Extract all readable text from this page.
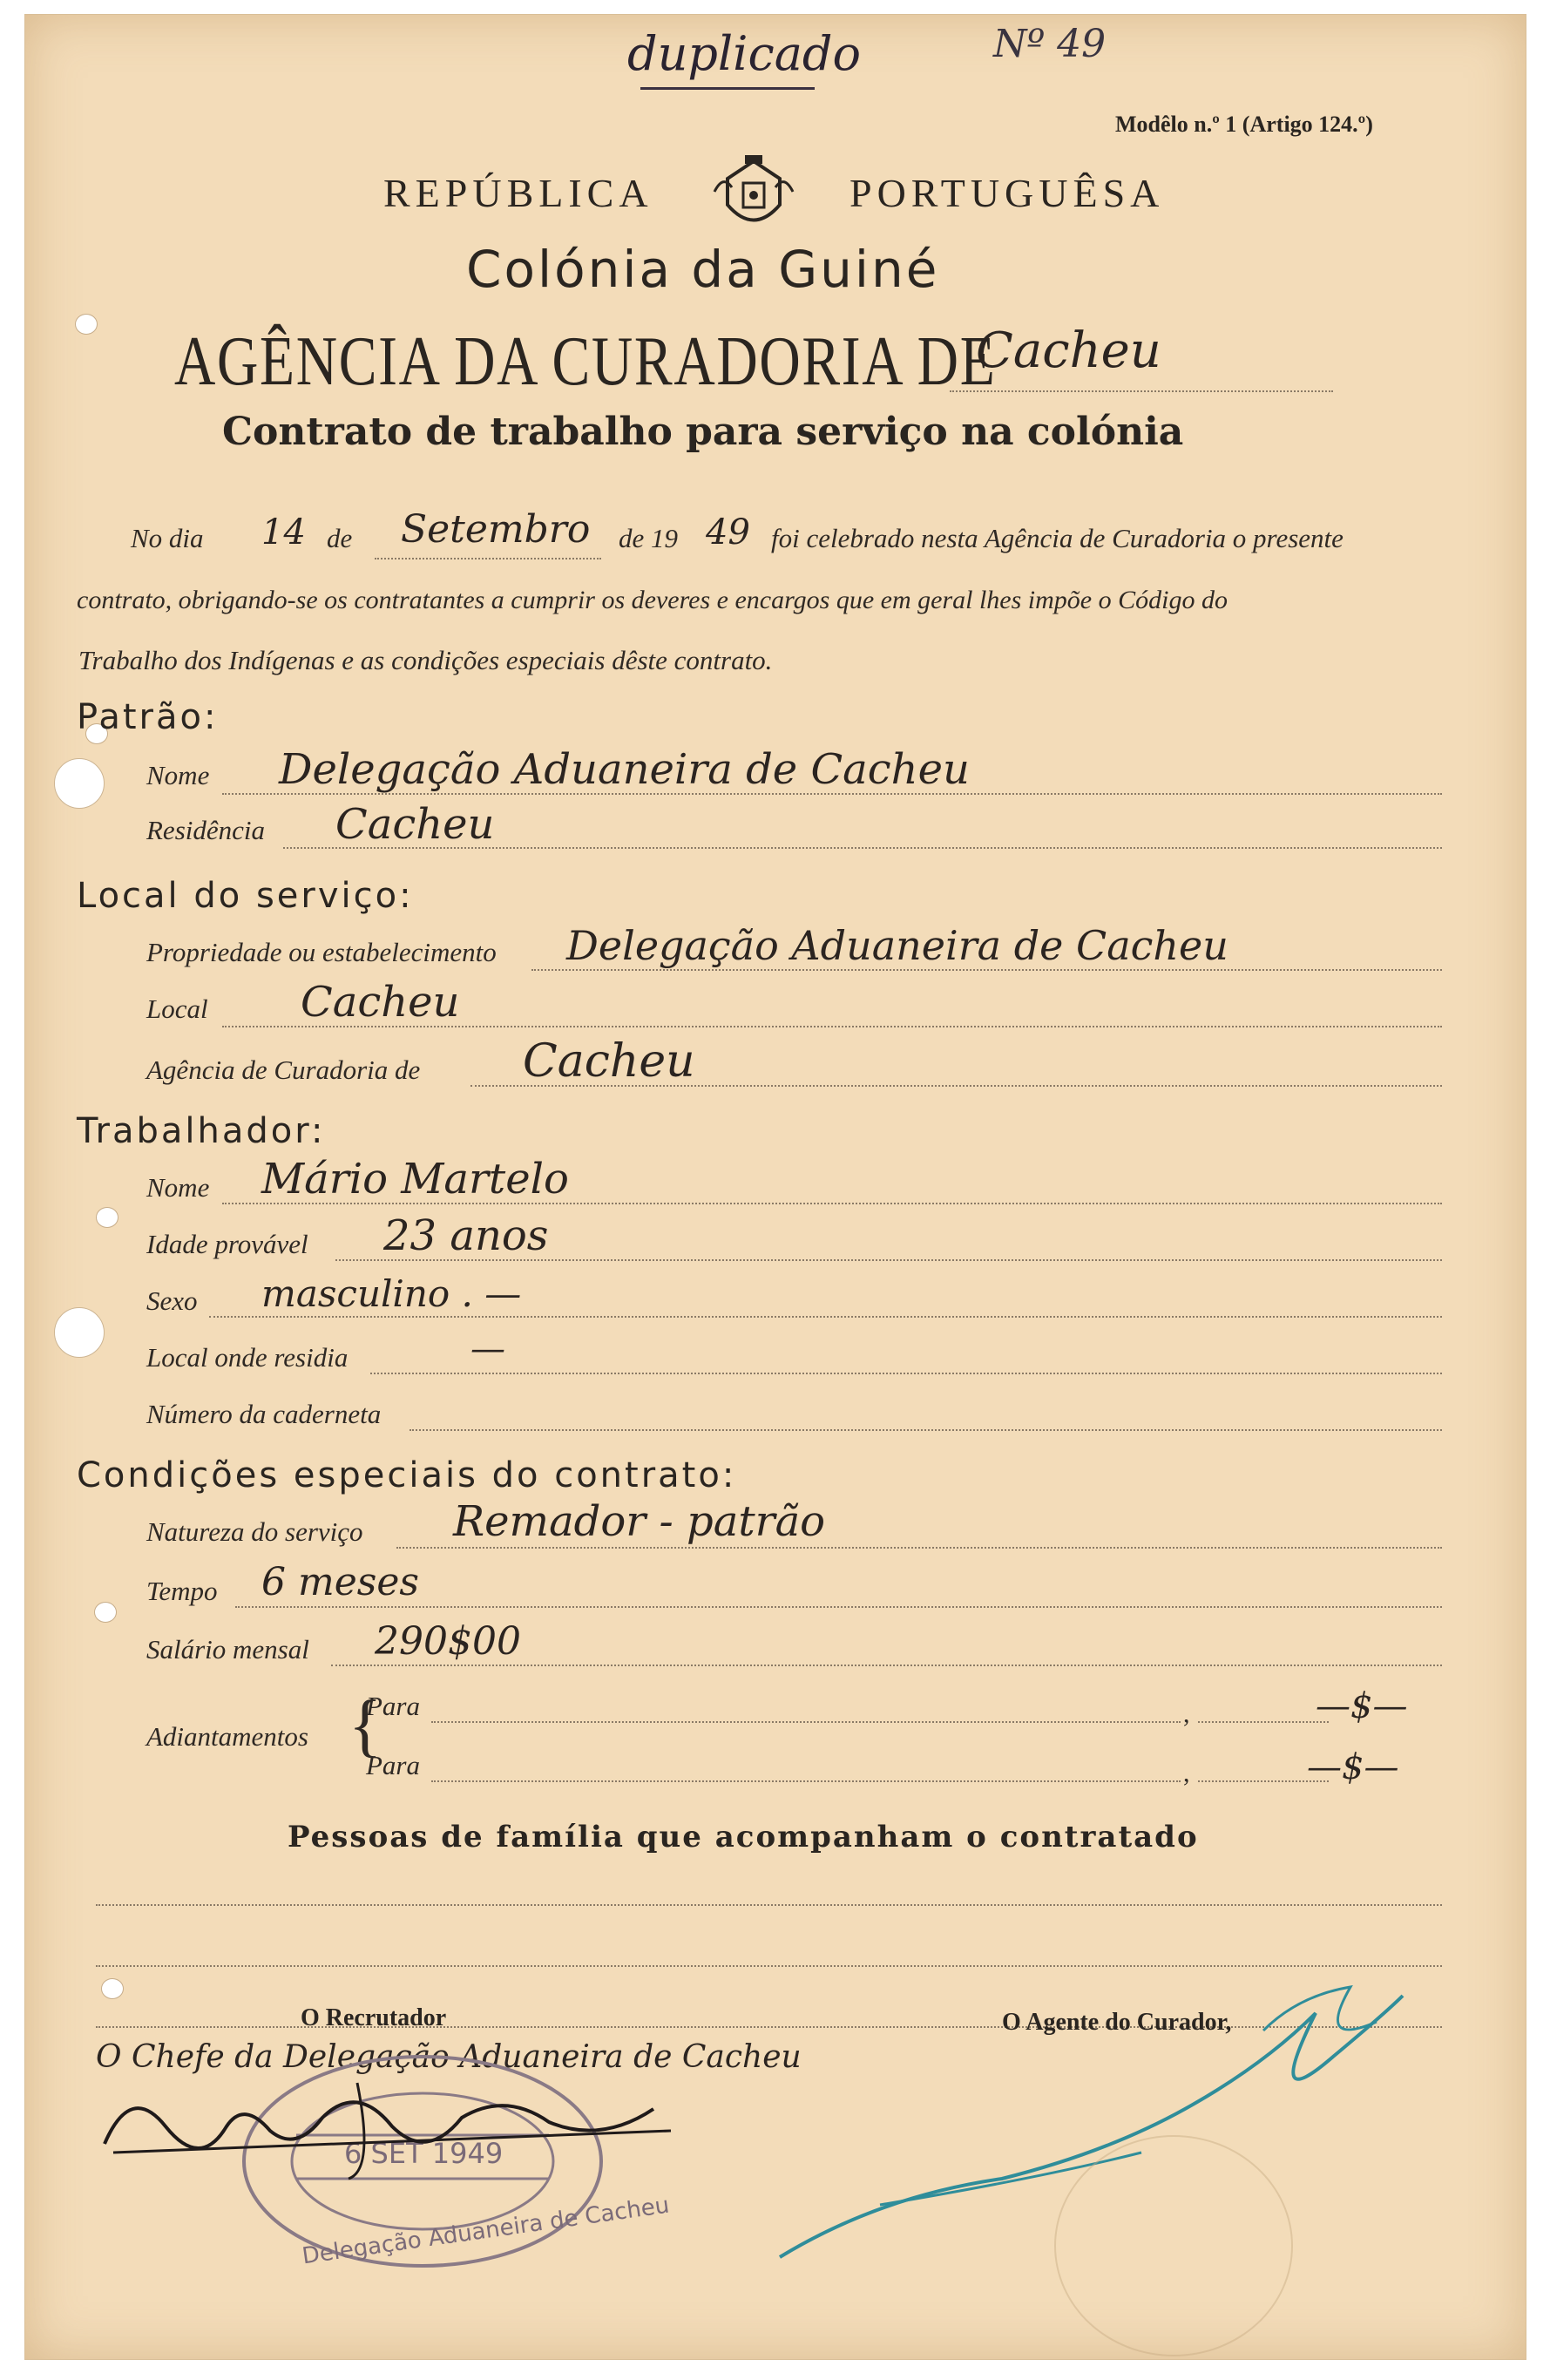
duplicado	Nº 49
Modêlo n.º 1 (Artigo 124.º)
REPÚBLICA	PORTUGUÊSA
Colónia da Guiné
AGÊNCIA DA CURADORIA DE
Cacheu
Contrato de trabalho para serviço na colónia
No dia 14 de Setembro de 19 49 foi celebrado nesta Agência de Curadoria o presente
contrato, obrigando-se os contratantes a cumprir os deveres e encargos que em geral lhes impõe o Código do
Trabalho dos Indígenas e as condições especiais dêste contrato.
Patrão:
Nome Delegação Aduaneira de Cacheu
Residência Cacheu
Local do serviço:
Propriedade ou estabelecimento Delegação Aduaneira de Cacheu
Local Cacheu
Agência de Curadoria de Cacheu
Trabalhador:
Nome Mário Martelo
Idade provável 23 anos
Sexo masculino . —
Local onde residia	—
Número da caderneta
Condições especiais do contrato:
Natureza do serviço Remador - patrão
Tempo 6 meses
Salário mensal 290$00
Adiantamentos {
Para	,	—$—
Para	,	—$—
Pessoas de família que acompanham o contratado
O Recrutador	O Agente do Curador,
O Chefe da Delegação Aduaneira de Cacheu
6 SET 1949
Delegação Aduaneira de Cacheu
